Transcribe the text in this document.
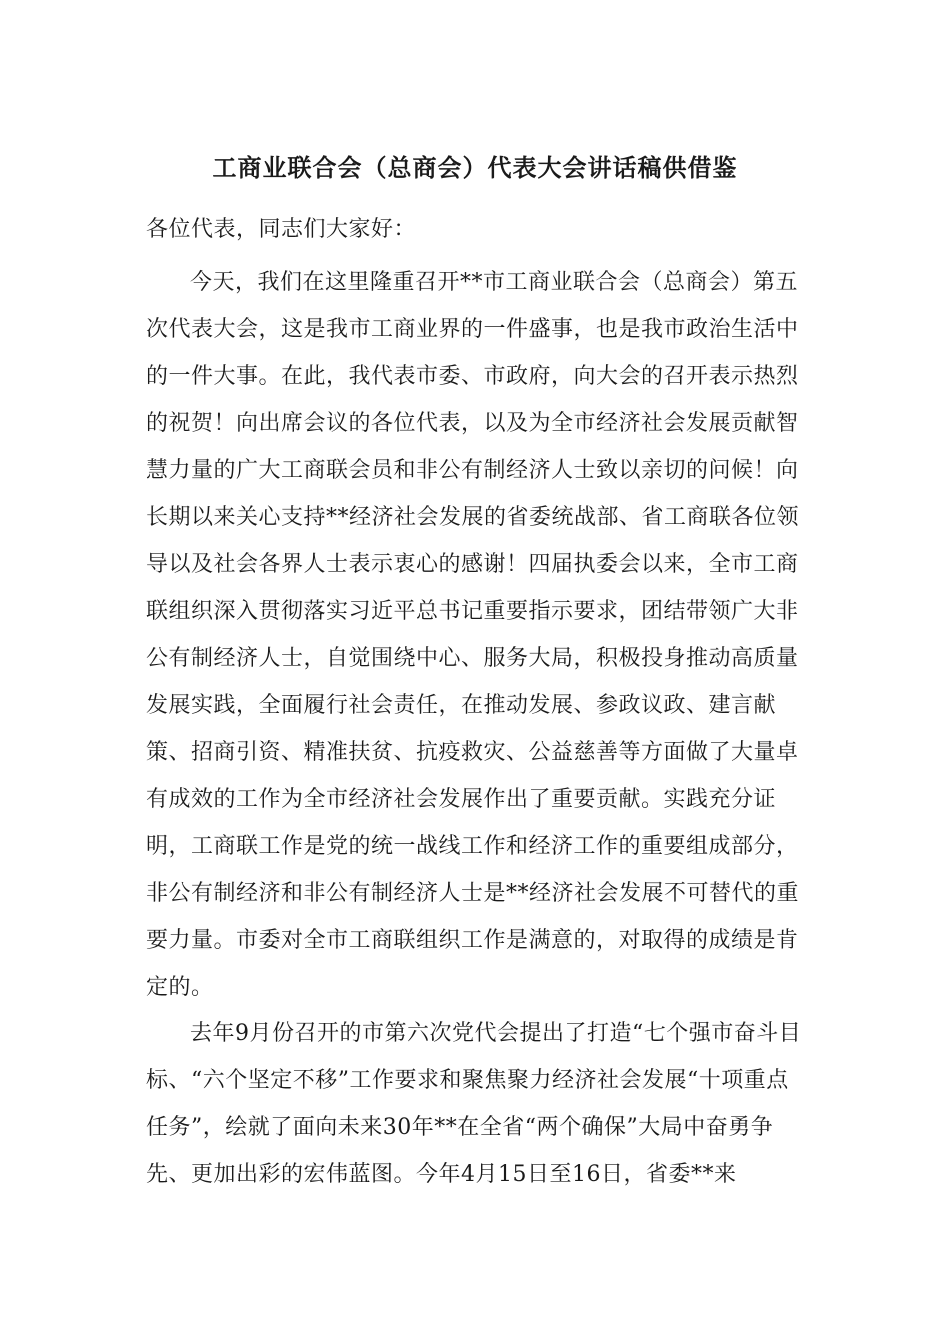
工商业联合会（总商会）代表大会讲话稿供借鉴

各位代表，同志们大家好：

今天，我们在这里隆重召开**市工商业联合会（总商会）第五次代表大会，这是我市工商业界的一件盛事，也是我市政治生活中的一件大事。在此，我代表市委、市政府，向大会的召开表示热烈的祝贺！向出席会议的各位代表，以及为全市经济社会发展贡献智慧力量的广大工商联会员和非公有制经济人士致以亲切的问候！向长期以来关心支持**经济社会发展的省委统战部、省工商联各位领导以及社会各界人士表示衷心的感谢！四届执委会以来，全市工商联组织深入贯彻落实习近平总书记重要指示要求，团结带领广大非公有制经济人士，自觉围绕中心、服务大局，积极投身推动高质量发展实践，全面履行社会责任，在推动发展、参政议政、建言献策、招商引资、精准扶贫、抗疫救灾、公益慈善等方面做了大量卓有成效的工作为全市经济社会发展作出了重要贡献。实践充分证明，工商联工作是党的统一战线工作和经济工作的重要组成部分，非公有制经济和非公有制经济人士是**经济社会发展不可替代的重要力量。市委对全市工商联组织工作是满意的，对取得的成绩是肯定的。

去年9月份召开的市第六次党代会提出了打造“七个强市奋斗目标、“六个坚定不移”工作要求和聚焦聚力经济社会发展“十项重点任务”，绘就了面向未来30年**在全省“两个确保”大局中奋勇争先、更加出彩的宏伟蓝图。今年4月15日至16日，省委**来
